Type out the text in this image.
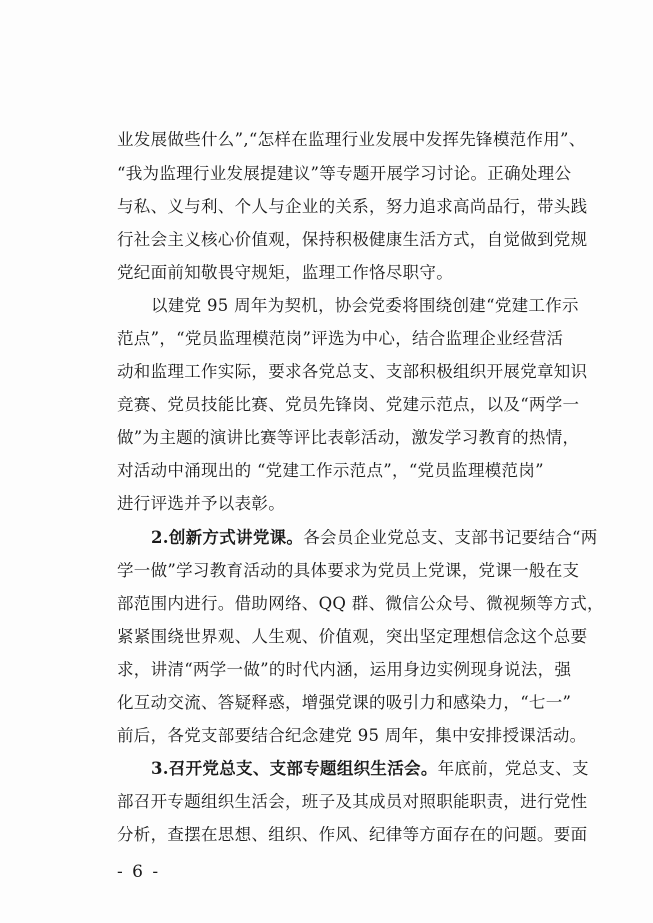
业发展做些什么”,“怎样在监理行业发展中发挥先锋模范作用”、
“我为监理行业发展提建议”等专题开展学习讨论。正确处理公
与私、义与利、个人与企业的关系，努力追求高尚品行，带头践
行社会主义核心价值观，保持积极健康生活方式，自觉做到党规
党纪面前知敬畏守规矩，监理工作恪尽职守。
以建党 95 周年为契机，协会党委将围绕创建“党建工作示
范点”，“党员监理模范岗”评选为中心，结合监理企业经营活
动和监理工作实际，要求各党总支、支部积极组织开展党章知识
竞赛、党员技能比赛、党员先锋岗、党建示范点，以及“两学一
做”为主题的演讲比赛等评比表彰活动，激发学习教育的热情，
对活动中涌现出的 “党建工作示范点”，“党员监理模范岗”
进行评选并予以表彰。
2.创新方式讲党课。各会员企业党总支、支部书记要结合“两
学一做”学习教育活动的具体要求为党员上党课，党课一般在支
部范围内进行。借助网络、QQ 群、微信公众号、微视频等方式，
紧紧围绕世界观、人生观、价值观，突出坚定理想信念这个总要
求，讲清“两学一做”的时代内涵，运用身边实例现身说法，强
化互动交流、答疑释惑，增强党课的吸引力和感染力，“七一”
前后，各党支部要结合纪念建党 95 周年，集中安排授课活动。
3.召开党总支、支部专题组织生活会。年底前，党总支、支
部召开专题组织生活会，班子及其成员对照职能职责，进行党性
分析，查摆在思想、组织、作风、纪律等方面存在的问题。要面
- 6 -
